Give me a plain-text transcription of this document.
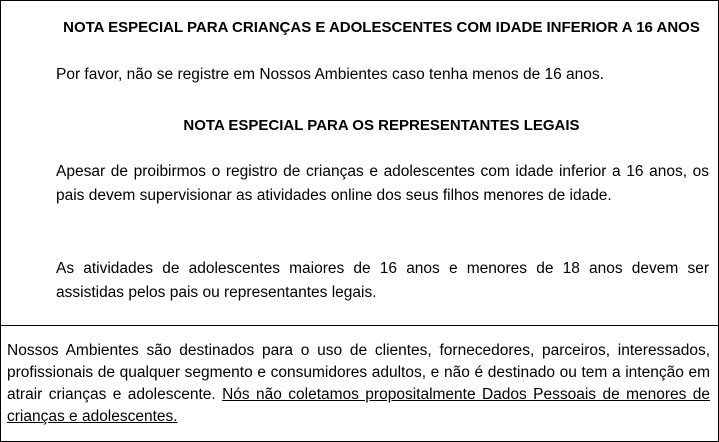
NOTA ESPECIAL PARA CRIANÇAS E ADOLESCENTES COM IDADE INFERIOR A 16 ANOS
Por favor, não se registre em Nossos Ambientes caso tenha menos de 16 anos.
NOTA ESPECIAL PARA OS REPRESENTANTES LEGAIS
Apesar de proibirmos o registro de crianças e adolescentes com idade inferior a 16 anos, os pais devem supervisionar as atividades online dos seus filhos menores de idade.
As atividades de adolescentes maiores de 16 anos e menores de 18 anos devem ser assistidas pelos pais ou representantes legais.
Nossos Ambientes são destinados para o uso de clientes, fornecedores, parceiros, interessados, profissionais de qualquer segmento e consumidores adultos, e não é destinado ou tem a intenção em atrair crianças e adolescente. Nós não coletamos propositalmente Dados Pessoais de menores de crianças e adolescentes.
